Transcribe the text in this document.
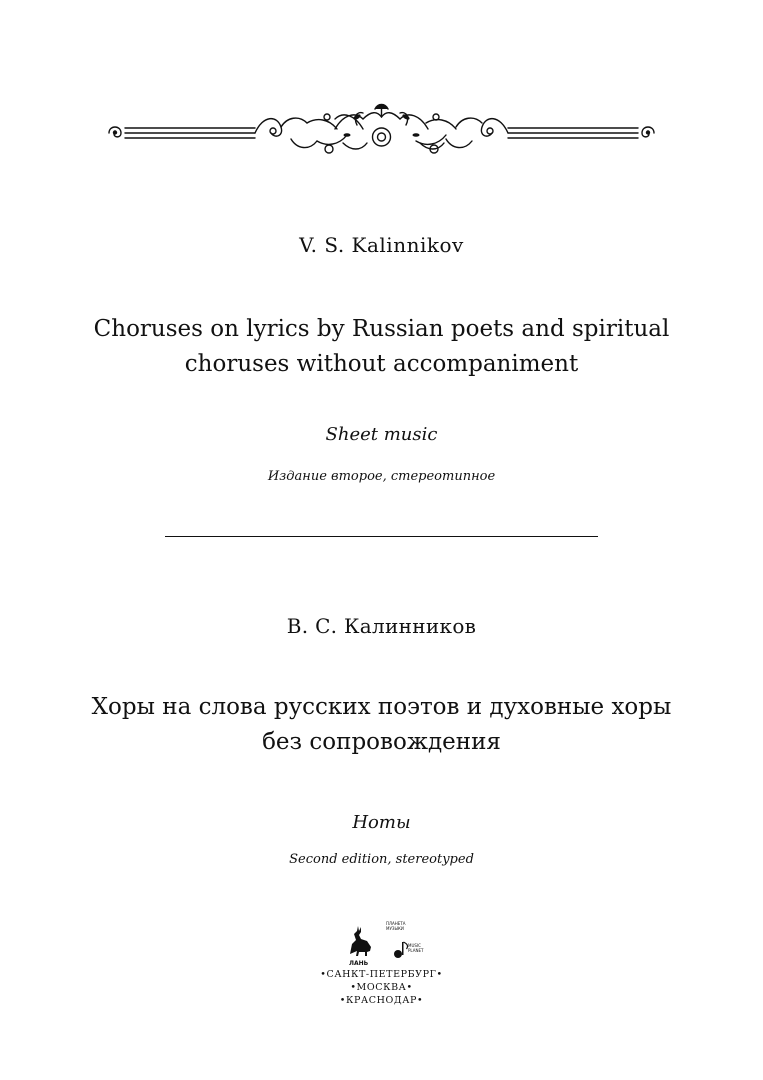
V. S. Kalinnikov
Choruses on lyrics by Russian poets and spiritual
choruses without accompaniment
Sheet music
Издание второе, стереотипное
В. С. Калинников
Хоры на слова русских поэтов и духовные хоры
без сопровождения
Ноты
Second edition, stereotyped
ПЛАНЕТА
МУЗЫКИ
MUSIC
PLANET
ЛАНЬ
•САНКТ-ПЕТЕРБУРГ•
•МОСКВА•
•КРАСНОДАР•
